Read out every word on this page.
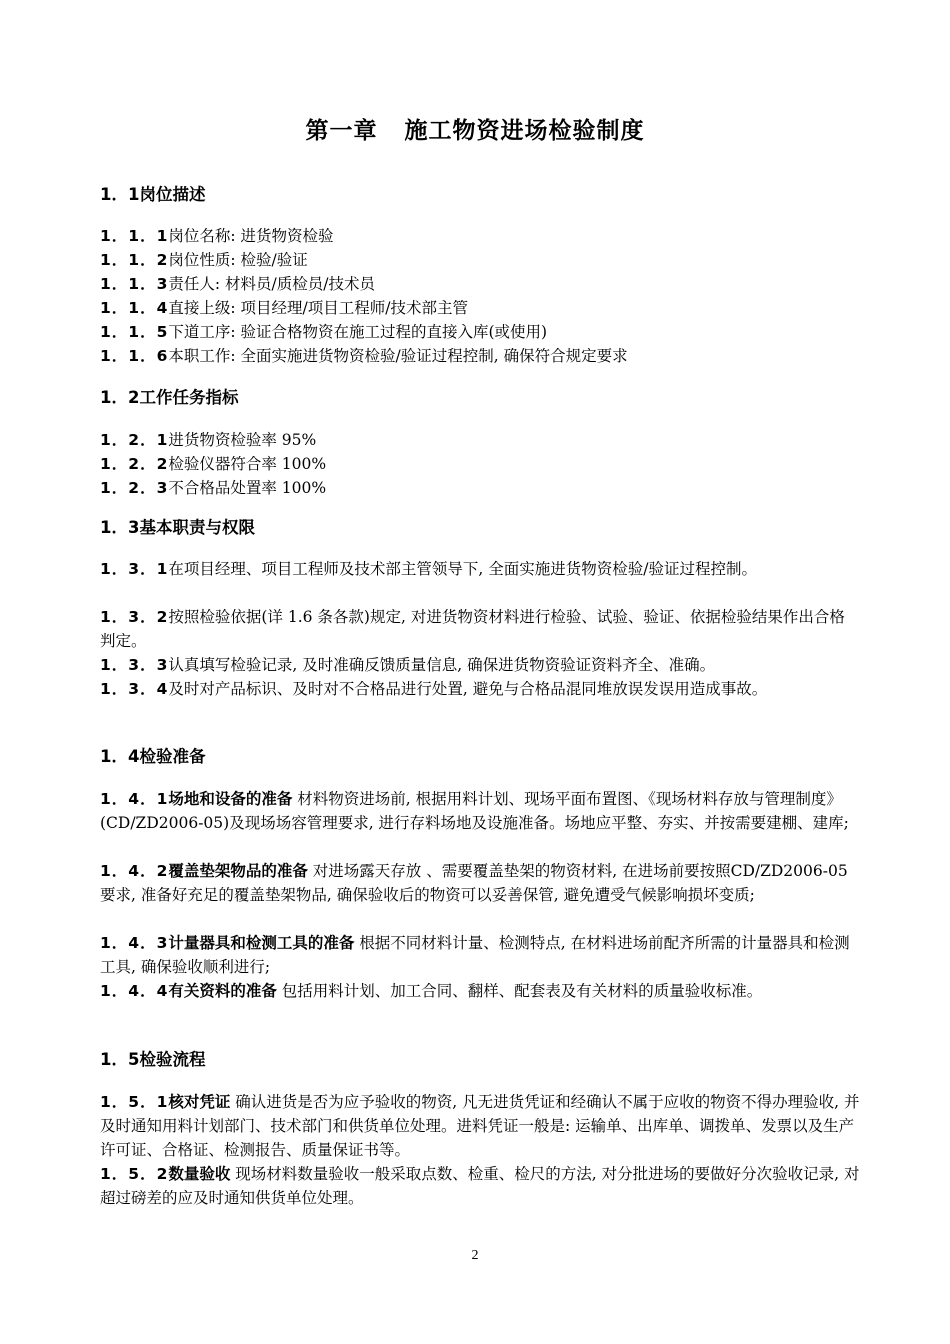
第一章   施工物资进场检验制度
1．1岗位描述
1．1．1岗位名称: 进货物资检验
1．1．2岗位性质: 检验/验证
1．1．3责任人: 材料员/质检员/技术员
1．1．4直接上级: 项目经理/项目工程师/技术部主管
1．1．5下道工序: 验证合格物资在施工过程的直接入库(或使用)
1．1．6本职工作: 全面实施进货物资检验/验证过程控制, 确保符合规定要求
1．2工作任务指标
1．2．1进货物资检验率 95%
1．2．2检验仪器符合率 100%
1．2．3不合格品处置率 100%
1．3基本职责与权限
1．3．1在项目经理、项目工程师及技术部主管领导下, 全面实施进货物资检验/验证过程控制。
1．3．2按照检验依据(详 1.6 条各款)规定, 对进货物资材料进行检验、试验、验证、依据检验结果作出合格判定。
1．3．3认真填写检验记录, 及时准确反馈质量信息, 确保进货物资验证资料齐全、准确。
1．3．4及时对产品标识、及时对不合格品进行处置, 避免与合格品混同堆放误发误用造成事故。
1．4检验准备
1．4．1场地和设备的准备 材料物资进场前, 根据用料计划、现场平面布置图、《现场材料存放与管理制度》(CD/ZD2006-05)及现场场容管理要求, 进行存料场地及设施准备。场地应平整、夯实、并按需要建棚、建库;
1．4．2覆盖垫架物品的准备 对进场露天存放 、需要覆盖垫架的物资材料, 在进场前要按照CD/ZD2006-05要求, 准备好充足的覆盖垫架物品, 确保验收后的物资可以妥善保管, 避免遭受气候影响损坏变质;
1．4．3计量器具和检测工具的准备 根据不同材料计量、检测特点, 在材料进场前配齐所需的计量器具和检测工具, 确保验收顺利进行;
1．4．4有关资料的准备 包括用料计划、加工合同、翻样、配套表及有关材料的质量验收标准。
1．5检验流程
1．5．1核对凭证 确认进货是否为应予验收的物资, 凡无进货凭证和经确认不属于应收的物资不得办理验收, 并及时通知用料计划部门、技术部门和供货单位处理。进料凭证一般是: 运输单、出库单、调拨单、发票以及生产许可证、合格证、检测报告、质量保证书等。
1．5．2数量验收 现场材料数量验收一般采取点数、检重、检尺的方法, 对分批进场的要做好分次验收记录, 对超过磅差的应及时通知供货单位处理。
2
